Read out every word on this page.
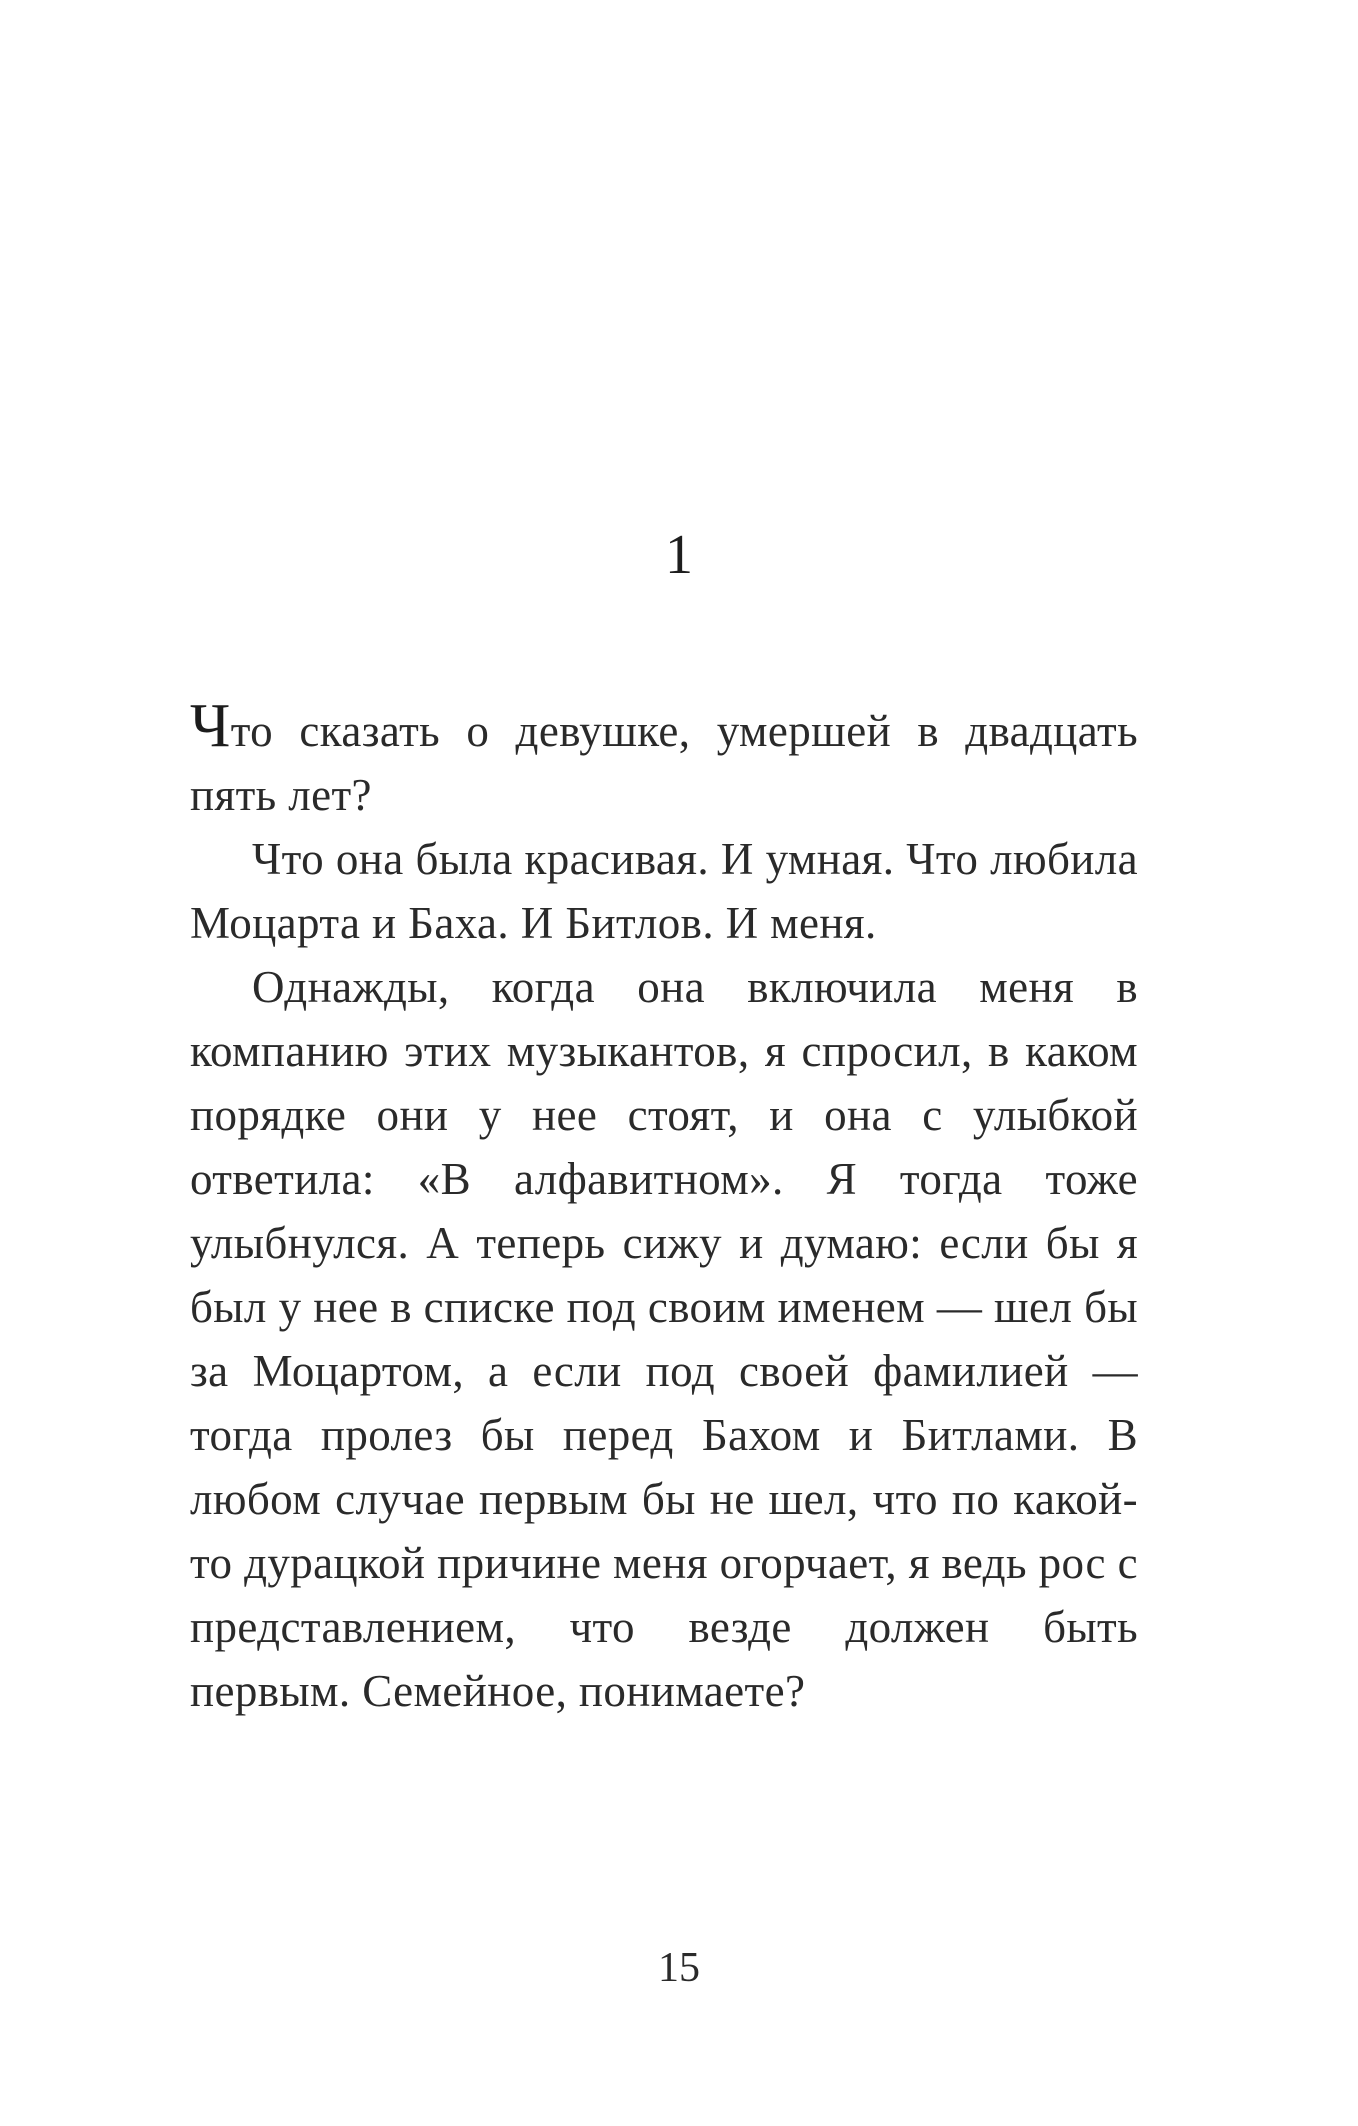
1

Что сказать о девушке, умершей в двадцать пять лет?

Что она была красивая. И умная. Что любила Моцарта и Баха. И Битлов. И меня.

Однажды, когда она включила меня в компанию этих музыкантов, я спросил, в каком порядке они у нее стоят, и она с улыбкой ответила: «В алфавитном». Я тогда тоже улыбнулся. А теперь сижу и думаю: если бы я был у нее в списке под своим именем — шел бы за Моцартом, а если под своей фамилией — тогда пролез бы перед Бахом и Битлами. В любом случае первым бы не шел, что по какой-то дурацкой причине меня огорчает, я ведь рос с представлением, что везде должен быть первым. Семейное, понимаете?

15
